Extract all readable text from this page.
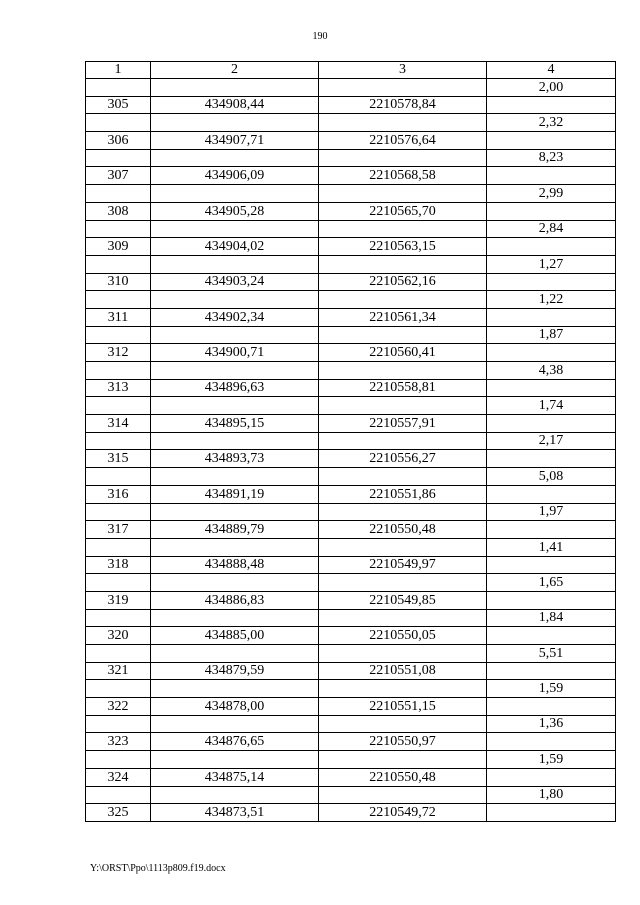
190
1	2	3	4
			2,00
305	434908,44	2210578,84	
			2,32
306	434907,71	2210576,64	
			8,23
307	434906,09	2210568,58	
			2,99
308	434905,28	2210565,70	
			2,84
309	434904,02	2210563,15	
			1,27
310	434903,24	2210562,16	
			1,22
311	434902,34	2210561,34	
			1,87
312	434900,71	2210560,41	
			4,38
313	434896,63	2210558,81	
			1,74
314	434895,15	2210557,91	
			2,17
315	434893,73	2210556,27	
			5,08
316	434891,19	2210551,86	
			1,97
317	434889,79	2210550,48	
			1,41
318	434888,48	2210549,97	
			1,65
319	434886,83	2210549,85	
			1,84
320	434885,00	2210550,05	
			5,51
321	434879,59	2210551,08	
			1,59
322	434878,00	2210551,15	
			1,36
323	434876,65	2210550,97	
			1,59
324	434875,14	2210550,48	
			1,80
325	434873,51	2210549,72	
Y:\ORST\Ppo\1113p809.f19.docx
